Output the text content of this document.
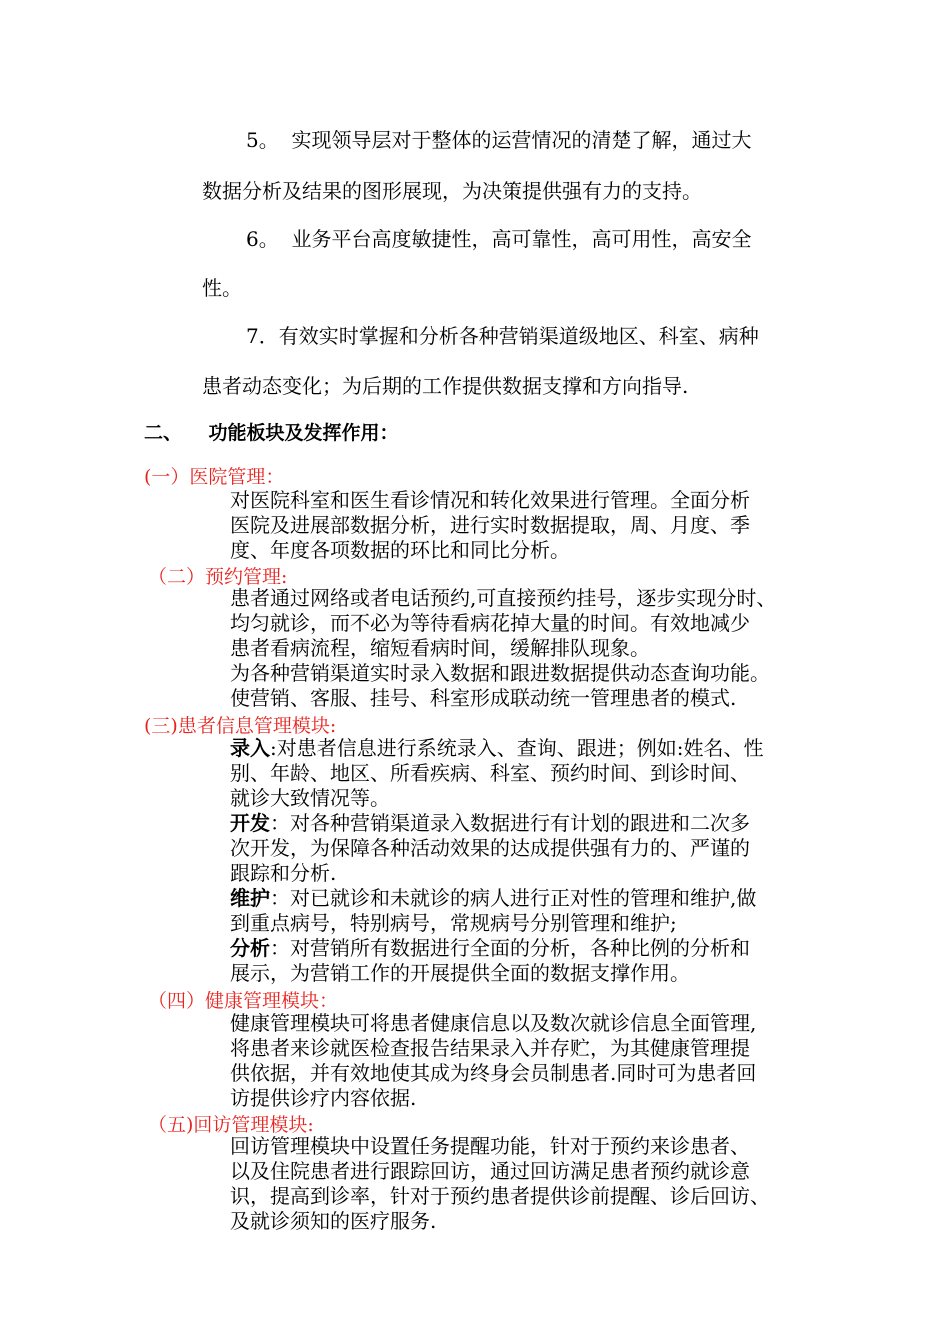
5。 实现领导层对于整体的运营情况的清楚了解，通过大
数据分析及结果的图形展现，为决策提供强有力的支持。
6。 业务平台高度敏捷性，高可靠性，高可用性，高安全
性。
7．有效实时掌握和分析各种营销渠道级地区、科室、病种
患者动态变化；为后期的工作提供数据支撑和方向指导.
二、 功能板块及发挥作用：
(一）医院管理：
对医院科室和医生看诊情况和转化效果进行管理。全面分析
医院及进展部数据分析，进行实时数据提取，周、月度、季
度、年度各项数据的环比和同比分析。
（二）预约管理:
患者通过网络或者电话预约,可直接预约挂号，逐步实现分时、
均匀就诊，而不必为等待看病花掉大量的时间。有效地减少
患者看病流程，缩短看病时间，缓解排队现象。
为各种营销渠道实时录入数据和跟进数据提供动态查询功能。
使营销、客服、挂号、科室形成联动统一管理患者的模式.
(三)患者信息管理模块:
录入:对患者信息进行系统录入、查询、跟进；例如:姓名、性
别、年龄、地区、所看疾病、科室、预约时间、到诊时间、
就诊大致情况等。
开发：对各种营销渠道录入数据进行有计划的跟进和二次多
次开发，为保障各种活动效果的达成提供强有力的、严谨的
跟踪和分析.
维护：对已就诊和未就诊的病人进行正对性的管理和维护,做
到重点病号，特别病号，常规病号分别管理和维护;
分析：对营销所有数据进行全面的分析，各种比例的分析和
展示，为营销工作的开展提供全面的数据支撑作用。
（四）健康管理模块：
健康管理模块可将患者健康信息以及数次就诊信息全面管理,
将患者来诊就医检查报告结果录入并存贮，为其健康管理提
供依据，并有效地使其成为终身会员制患者.同时可为患者回
访提供诊疗内容依据.
（五)回访管理模块:
回访管理模块中设置任务提醒功能，针对于预约来诊患者、
以及住院患者进行跟踪回访，通过回访满足患者预约就诊意
识，提高到诊率，针对于预约患者提供诊前提醒、诊后回访、
及就诊须知的医疗服务.
